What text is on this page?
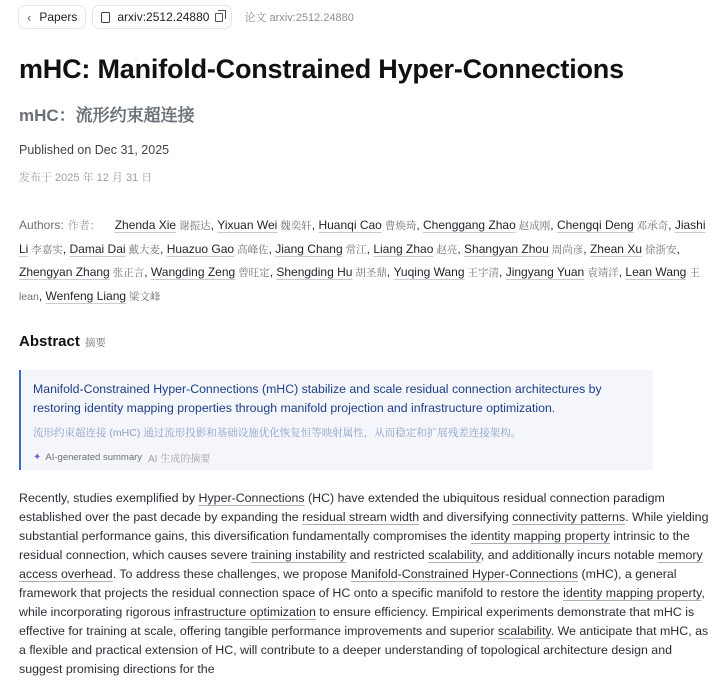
‹ Papers	arxiv:2512.24880	论文 arxiv:2512.24880
mHC: Manifold-Constrained Hyper-Connections
mHC：流形约束超连接
Published on Dec 31, 2025
发布于 2025 年 12 月 31 日
Authors: 作者： Zhenda Xie 谢振达, Yixuan Wei 魏奕轩, Huanqi Cao 曹焕琦, Chenggang Zhao 赵成刚, Chengqi Deng 邓承奇, Jiashi Li 李嘉实, Damai Dai 戴大麦, Huazuo Gao 高峰佐, Jiang Chang 常江, Liang Zhao 赵亮, Shangyan Zhou 周尚彦, Zhean Xu 徐浙安, Zhengyan Zhang 张正言, Wangding Zeng 曾旺定, Shengding Hu 胡圣鼎, Yuqing Wang 王宇清, Jingyang Yuan 袁靖洋, Lean Wang 王 lean, Wenfeng Liang 梁文峰
Abstract 摘要
Manifold-Constrained Hyper-Connections (mHC) stabilize and scale residual connection architectures by restoring identity mapping properties through manifold projection and infrastructure optimization.
流形约束超连接 (mHC) 通过流形投影和基础设施优化恢复恒等映射属性，从而稳定和扩展残差连接架构。
✦ AI-generated summary AI 生成的摘要
Recently, studies exemplified by Hyper-Connections (HC) have extended the ubiquitous residual connection paradigm established over the past decade by expanding the residual stream width and diversifying connectivity patterns. While yielding substantial performance gains, this diversification fundamentally compromises the identity mapping property intrinsic to the residual connection, which causes severe training instability and restricted scalability, and additionally incurs notable memory access overhead. To address these challenges, we propose Manifold-Constrained Hyper-Connections (mHC), a general framework that projects the residual connection space of HC onto a specific manifold to restore the identity mapping property, while incorporating rigorous infrastructure optimization to ensure efficiency. Empirical experiments demonstrate that mHC is effective for training at scale, offering tangible performance improvements and superior scalability. We anticipate that mHC, as a flexible and practical extension of HC, will contribute to a deeper understanding of topological architecture design and suggest promising directions for the
